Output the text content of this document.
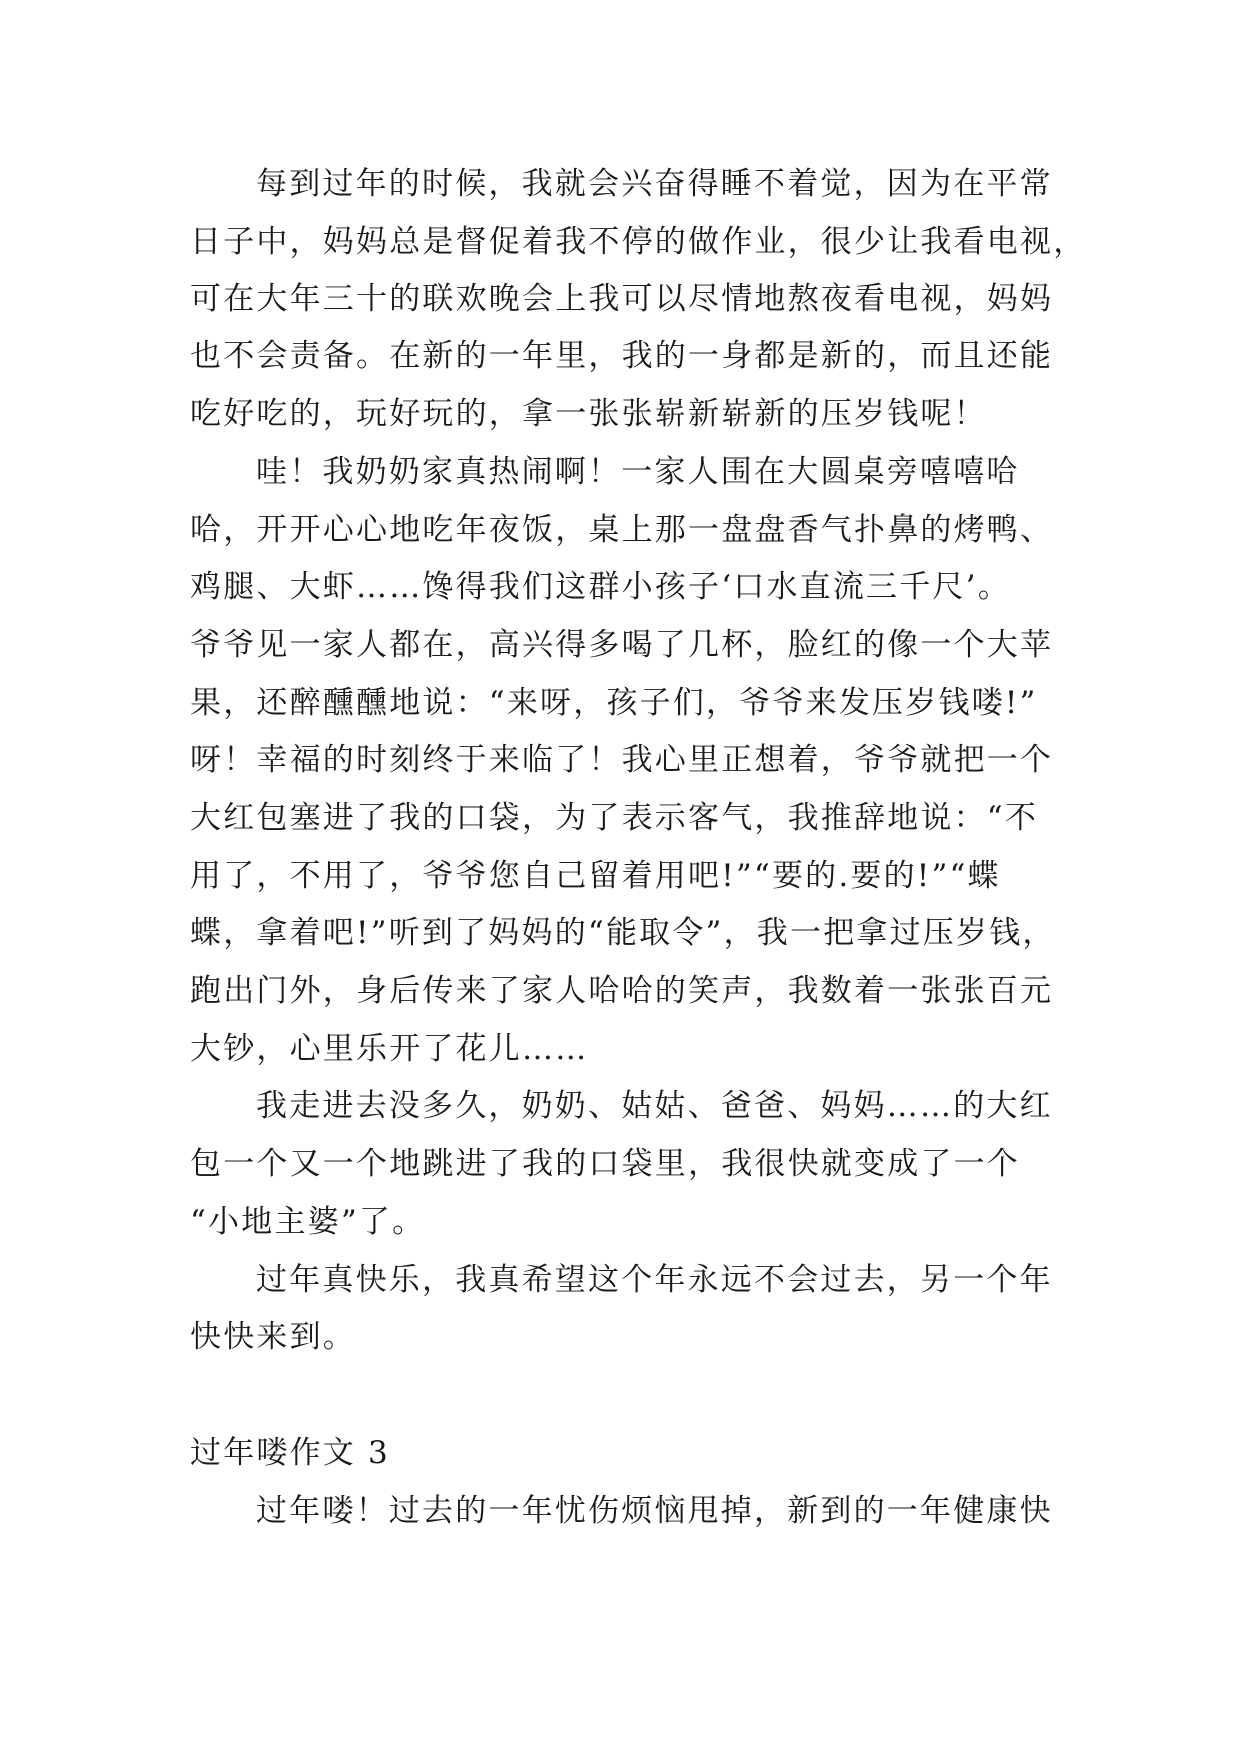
每到过年的时候，我就会兴奋得睡不着觉，因为在平常
日子中，妈妈总是督促着我不停的做作业，很少让我看电视，
可在大年三十的联欢晚会上我可以尽情地熬夜看电视，妈妈
也不会责备。在新的一年里，我的一身都是新的，而且还能
吃好吃的，玩好玩的，拿一张张崭新崭新的压岁钱呢！
哇！我奶奶家真热闹啊！一家人围在大圆桌旁嘻嘻哈
哈，开开心心地吃年夜饭，桌上那一盘盘香气扑鼻的烤鸭、
鸡腿、大虾……馋得我们这群小孩子‘口水直流三千尺’。
爷爷见一家人都在，高兴得多喝了几杯，脸红的像一个大苹
果，还醉醺醺地说：“来呀，孩子们，爷爷来发压岁钱喽!”
呀！幸福的时刻终于来临了！我心里正想着，爷爷就把一个
大红包塞进了我的口袋，为了表示客气，我推辞地说：“不
用了，不用了，爷爷您自己留着用吧!”“要的.要的!”“蝶
蝶，拿着吧!”听到了妈妈的“能取令”，我一把拿过压岁钱，
跑出门外，身后传来了家人哈哈的笑声，我数着一张张百元
大钞，心里乐开了花儿……
我走进去没多久，奶奶、姑姑、爸爸、妈妈……的大红
包一个又一个地跳进了我的口袋里，我很快就变成了一个
“小地主婆”了。
过年真快乐，我真希望这个年永远不会过去，另一个年
快快来到。
过年喽作文 3
过年喽！过去的一年忧伤烦恼甩掉，新到的一年健康快
